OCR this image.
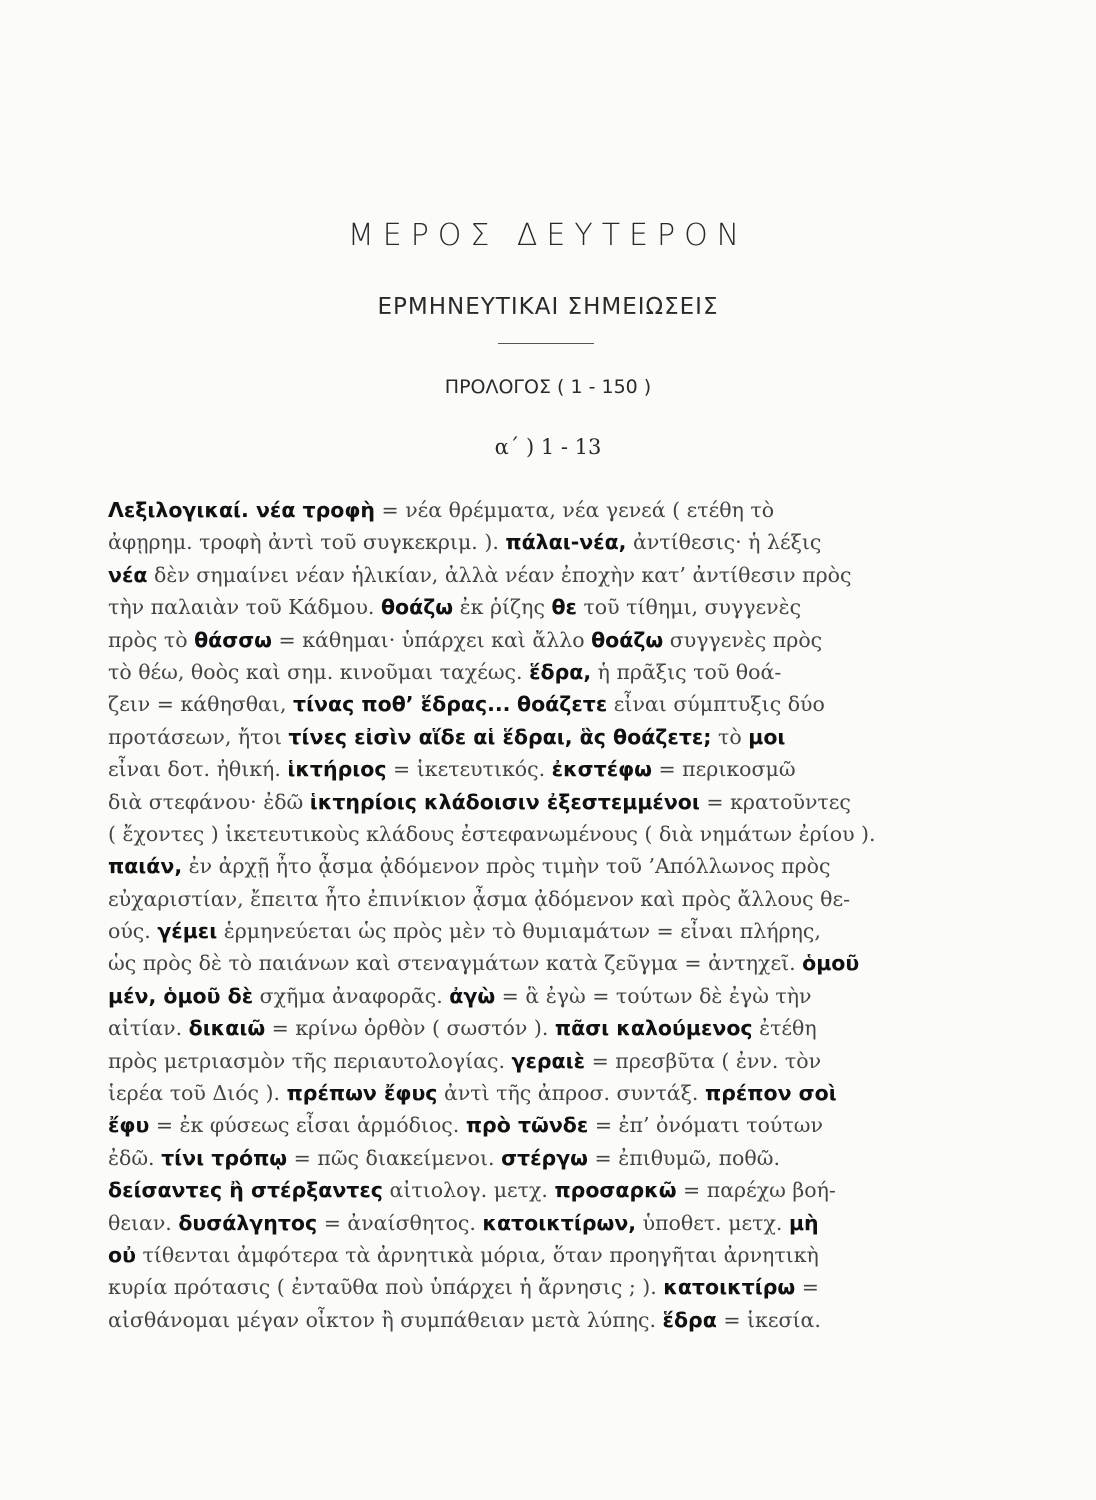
ΜΕΡΟΣ ΔΕΥΤΕΡΟΝ
ΕΡΜΗΝΕΥΤΙΚΑΙ ΣΗΜΕΙΩΣΕΙΣ
ΠΡΟΛΟΓΟΣ ( 1 - 150 )
α΄ ) 1 - 13
Λεξιλογικαί. νέα τροφὴ = νέα θρέμματα, νέα γενεά ( ετέθη τὸ
ἀφῃρημ. τροφὴ ἀντὶ τοῦ συγκεκριμ. ). πάλαι-νέα, ἀντίθεσις· ἡ λέξις
νέα δὲν σημαίνει νέαν ἡλικίαν, ἀλλὰ νέαν ἐποχὴν κατ’ ἀντίθεσιν πρὸς
τὴν παλαιὰν τοῦ Κάδμου. θοάζω ἐκ ῥίζης θε τοῦ τίθημι, συγγενὲς
πρὸς τὸ θάσσω = κάθημαι· ὑπάρχει καὶ ἄλλο θοάζω συγγενὲς πρὸς
τὸ θέω, θοὸς καὶ σημ. κινοῦμαι ταχέως. ἕδρα, ἡ πρᾶξις τοῦ θοά-
ζειν = κάθησθαι, τίνας ποθ’ ἕδρας... θοάζετε εἶναι σύμπτυξις δύο
προτάσεων, ἤτοι τίνες εἰσὶν αἵδε αἱ ἕδραι, ἃς θοάζετε; τὸ μοι
εἶναι δοτ. ἠθική. ἱκτήριος = ἱκετευτικός. ἐκστέφω = περικοσμῶ
διὰ στεφάνου· ἐδῶ ἱκτηρίοις κλάδοισιν ἐξεστεμμένοι = κρατοῦντες
( ἔχοντες ) ἱκετευτικοὺς κλάδους ἐστεφανωμένους ( διὰ νημάτων ἐρίου ).
παιάν, ἐν ἀρχῇ ἦτο ᾆσμα ᾀδόμενον πρὸς τιμὴν τοῦ ’Απόλλωνος πρὸς
εὐχαριστίαν, ἔπειτα ἦτο ἐπινίκιον ᾆσμα ᾀδόμενον καὶ πρὸς ἄλλους θε-
ούς. γέμει ἑρμηνεύεται ὡς πρὸς μὲν τὸ θυμιαμάτων = εἶναι πλήρης,
ὡς πρὸς δὲ τὸ παιάνων καὶ στεναγμάτων κατὰ ζεῦγμα = ἀντηχεῖ. ὁμοῦ
μέν, ὁμοῦ δὲ σχῆμα ἀναφορᾶς. ἀγὼ = ἃ ἐγὼ = τούτων δὲ ἐγὼ τὴν
αἰτίαν. δικαιῶ = κρίνω ὀρθὸν ( σωστόν ). πᾶσι καλούμενος ἐτέθη
πρὸς μετριασμὸν τῆς περιαυτολογίας. γεραιὲ = πρεσβῦτα ( ἐνν. τὸν
ἱερέα τοῦ Διός ). πρέπων ἔφυς ἀντὶ τῆς ἀπροσ. συντάξ. πρέπον σοὶ
ἔφυ = ἐκ φύσεως εἶσαι ἁρμόδιος. πρὸ τῶνδε = ἐπ’ ὀνόματι τούτων
ἐδῶ. τίνι τρόπῳ = πῶς διακείμενοι. στέργω = ἐπιθυμῶ, ποθῶ.
δείσαντες ἢ στέρξαντες αἰτιολογ. μετχ. προσαρκῶ = παρέχω βοή-
θειαν. δυσάλγητος = ἀναίσθητος. κατοικτίρων, ὑποθετ. μετχ. μὴ
οὐ τίθενται ἀμφότερα τὰ ἀρνητικὰ μόρια, ὅταν προηγῆται ἀρνητικὴ
κυρία πρότασις ( ἐνταῦθα ποὺ ὑπάρχει ἡ ἄρνησις ; ). κατοικτίρω =
αἰσθάνομαι μέγαν οἶκτον ἢ συμπάθειαν μετὰ λύπης. ἕδρα = ἱκεσία.
